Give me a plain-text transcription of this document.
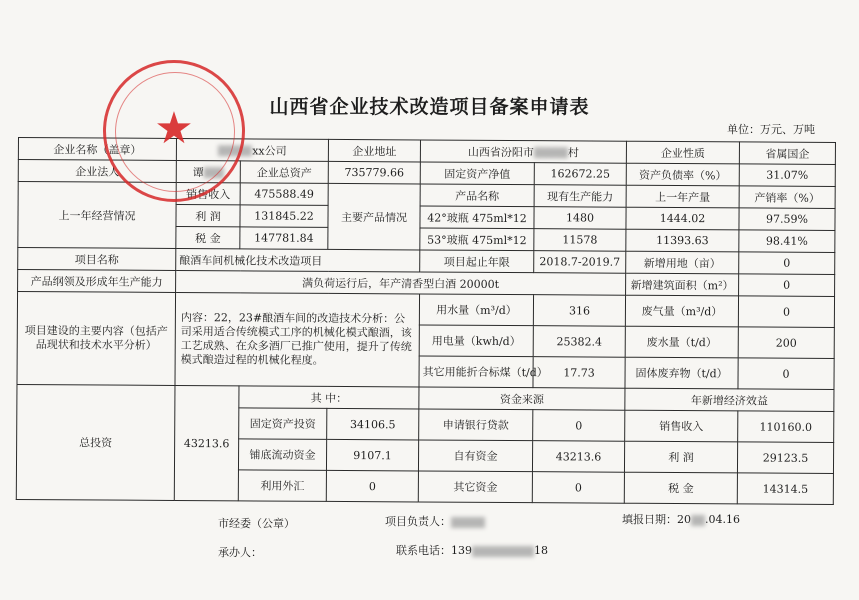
山西省企业技术改造项目备案申请表
单位：万元、万吨
企业名称（盖章）	xx公司		企业地址	山西省汾阳市 村		企业性质	省属国企
企业法人	谭	企业总资产	735779.66	固定资产净值	162672.25	资产负债率（%）	31.07%
上一年经营情况	销售收入	475588.49	主要产品情况	产品名称	现有生产能力	上一年产量	产销率（%）
	利 润	131845.22		42°玻瓶 475ml*12	1480	1444.02	97.59%
	税 金	147781.84		53°玻瓶 475ml*12	11578	11393.63	98.41%
项目名称	酿酒车间机械化技术改造项目			项目起止年限	2018.7-2019.7	新增用地（亩）	0
产品纲领及形成年生产能力	满负荷运行后，年产清香型白酒 20000t					新增建筑面积（m²）	0
项目建设的主要内容（包括产品现状和技术水平分析）	内容：22，23#酿酒车间的改造技术分析：公司采用适合传统模式工序的机械化模式酿酒，该工艺成熟、在众多酒厂已推广使用，提升了传统模式酿造过程的机械化程度。			用水量（m³/d）	316	废气量（m³/d）	0
				用电量（kwh/d）	25382.4	废水量（t/d）	200
				其它用能折合标煤（t/d）	17.73	固体废弃物（t/d）	0
总投资	43213.6	其 中：		资金来源		年新增经济效益	
		固定资产投资	34106.5	申请银行贷款	0	销售收入	110160.0
		铺底流动资金	9107.1	自有资金	43213.6	利 润	29123.5
		利用外汇	0	其它资金	0	税 金	14314.5
市经委（公章）	项目负责人：	填报日期：20 .04.16
承办人：	联系电话：139	18
★
